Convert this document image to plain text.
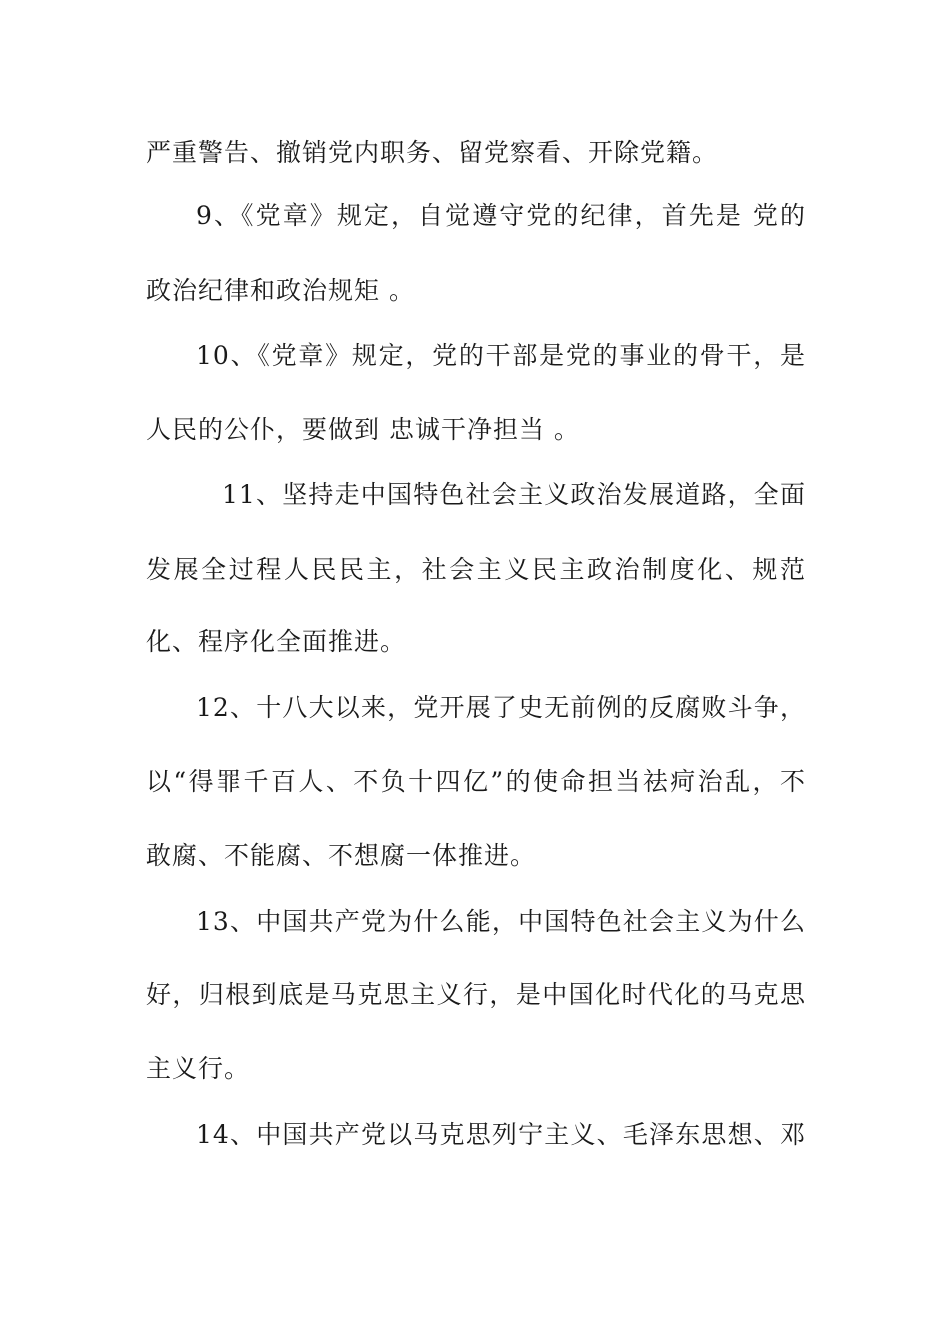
严重警告、撤销党内职务、留党察看、开除党籍。
9、《党章》规定，自觉遵守党的纪律，首先是 党的
政治纪律和政治规矩 。
10、《党章》规定，党的干部是党的事业的骨干，是
人民的公仆，要做到 忠诚干净担当 。
11、坚持走中国特色社会主义政治发展道路，全面
发展全过程人民民主，社会主义民主政治制度化、规范
化、程序化全面推进。
12、十八大以来，党开展了史无前例的反腐败斗争，
以“得罪千百人、不负十四亿”的使命担当祛疴治乱，不
敢腐、不能腐、不想腐一体推进。
13、中国共产党为什么能，中国特色社会主义为什么
好，归根到底是马克思主义行，是中国化时代化的马克思
主义行。
14、中国共产党以马克思列宁主义、毛泽东思想、邓
